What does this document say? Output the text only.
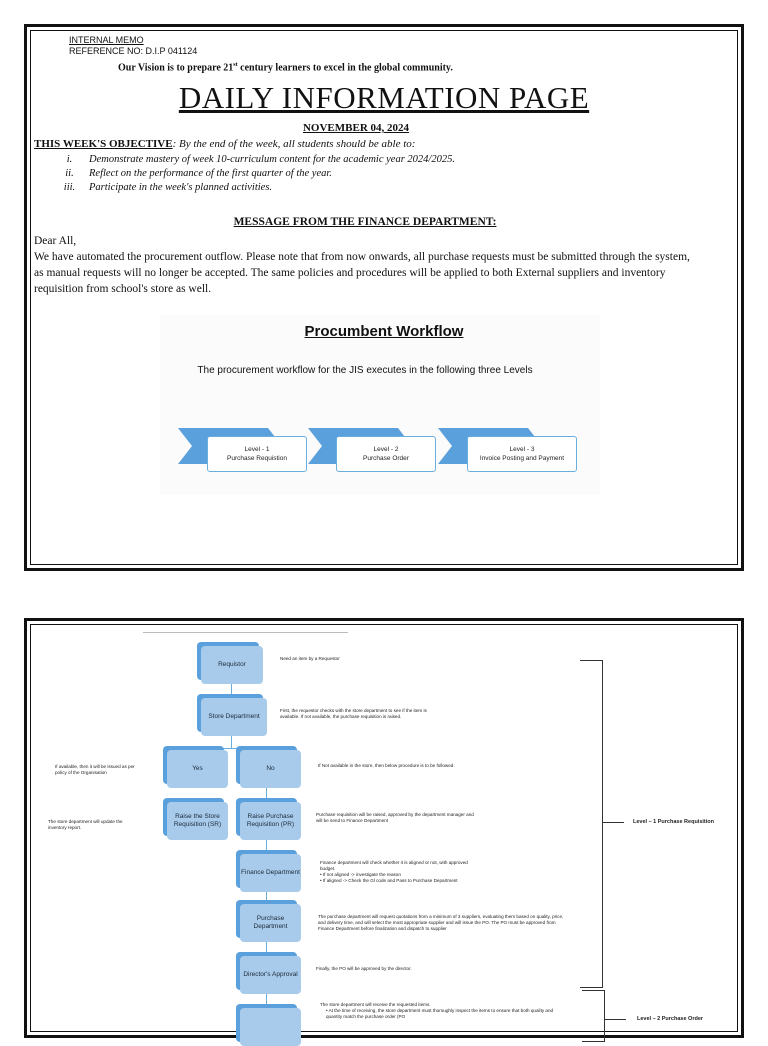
INTERNAL MEMO
REFERENCE NO: D.I.P 041124
Our Vision is to prepare 21st century learners to excel in the global community.
DAILY INFORMATION PAGE
NOVEMBER 04, 2024
THIS WEEK'S OBJECTIVE: By the end of the week, all students should be able to:
i.	Demonstrate mastery of week 10-curriculum content for the academic year 2024/2025.
ii.	Reflect on the performance of the first quarter of the year.
iii.	Participate in the week's planned activities.
MESSAGE FROM THE FINANCE DEPARTMENT:
Dear All,
We have automated the procurement outflow. Please note that from now onwards, all purchase requests must be submitted through the system, as manual requests will no longer be accepted. The same policies and procedures will be applied to both External suppliers and inventory requisition from school's store as well.
Procumbent Workflow
The procurement workflow for the JIS executes in the following three Levels
Level - 1
Purchase Requistion
Level - 2
Purchase Order
Level - 3
Invoice Posting and Payment
Requistor
Store Department
Yes	No
Raise the Store Requisition (SR)
Raise Purchase Requisition (PR)
Finance Department
Purchase Department
Director's Approval
Need an item by a Requestor
First, the requestor checks with the store department to see if the item is available. If not available, the purchase requisition is raised.
If available, then it will be issued as per policy of the Organisation
If Not available in the store, then below procedure is to be followed.
The store department will update the inventory report.
Purchase requisition will be raised, approved by the department manager and will be send to Finance Department
Finance department will check whether it is aligned or not, with approved budget.
• If not aligned -> investigate the reason
• If aligned -> Check the Gl code and Pass to Purchase Department
The purchase department will request quotations from a minimum of 3 suppliers, evaluating them based on quality, price, and delivery time, and will select the most appropriate supplier and will issue the PO. The PO must be approved from Finance Department before finalization and dispatch to supplier
Finally, the PO will be approved by the director.
The store department will receive the requested items.
• At the time of receiving, the store department must thoroughly inspect the items to ensure that both quality and quantity match the purchase order (PO
Level – 1 Purchase Requisition
Level – 2 Purchase Order
